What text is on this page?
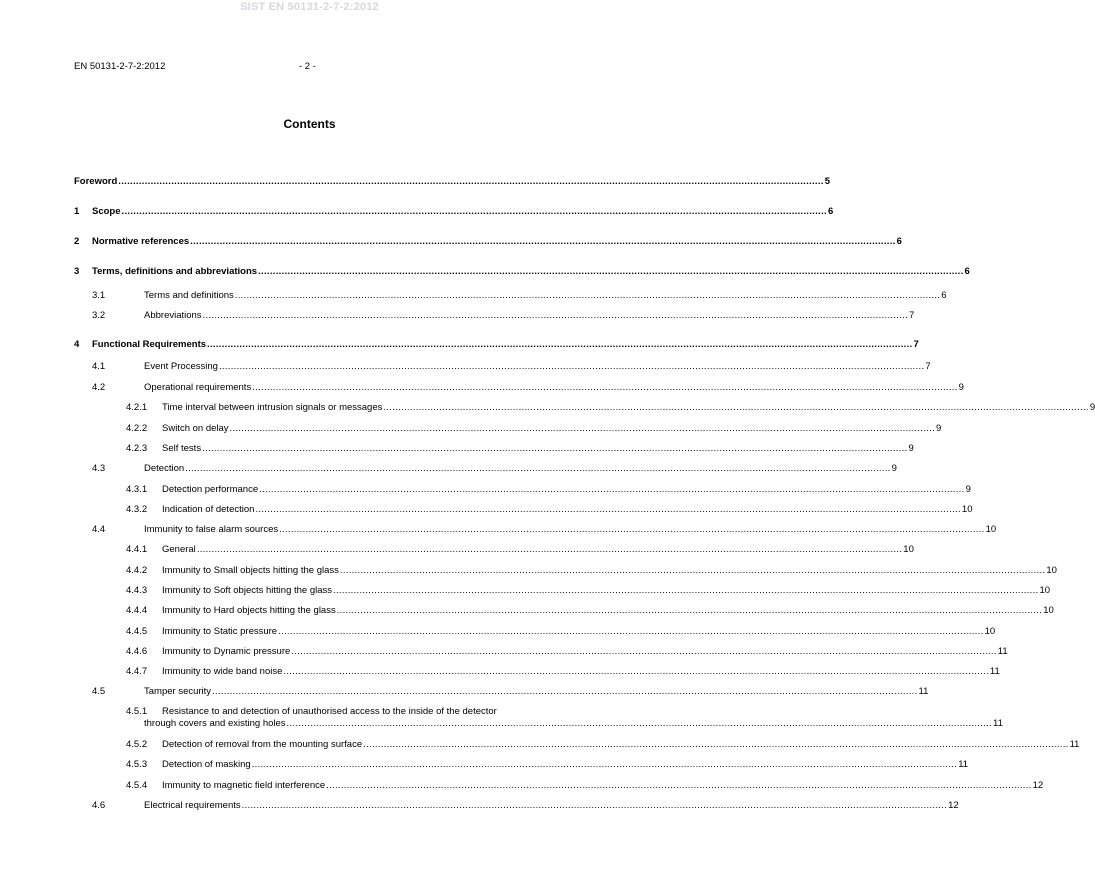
SIST EN 50131-2-7-2:2012
EN 50131-2-7-2:2012	- 2 -
Contents
Foreword ................................................................................................................................................................................................................................................ 5
1 Scope ................................................................................................................................................................................................................................................ 6
2 Normative references ................................................................................................................................................................................................................................................ 6
3 Terms, definitions and abbreviations ................................................................................................................................................................................................................................................ 6
3.1	Terms and definitions ................................................................................................................................................................................................................................................ 6
3.2	Abbreviations ................................................................................................................................................................................................................................................ 7
4 Functional Requirements ................................................................................................................................................................................................................................................ 7
4.1	Event Processing ................................................................................................................................................................................................................................................ 7
4.2	Operational requirements ................................................................................................................................................................................................................................................ 9
4.2.1 Time interval between intrusion signals or messages ................................................................................................................................................................................................................................................ 9
4.2.2 Switch on delay ................................................................................................................................................................................................................................................ 9
4.2.3 Self tests ................................................................................................................................................................................................................................................ 9
4.3	Detection ................................................................................................................................................................................................................................................ 9
4.3.1 Detection performance ................................................................................................................................................................................................................................................ 9
4.3.2 Indication of detection ................................................................................................................................................................................................................................................ 10
4.4	Immunity to false alarm sources ................................................................................................................................................................................................................................................ 10
4.4.1 General ................................................................................................................................................................................................................................................ 10
4.4.2 Immunity to Small objects hitting the glass ................................................................................................................................................................................................................................................ 10
4.4.3 Immunity to Soft objects hitting the glass ................................................................................................................................................................................................................................................ 10
4.4.4 Immunity to Hard objects hitting the glass ................................................................................................................................................................................................................................................ 10
4.4.5 Immunity to Static pressure ................................................................................................................................................................................................................................................ 10
4.4.6 Immunity to Dynamic pressure ................................................................................................................................................................................................................................................ 11
4.4.7 Immunity to wide band noise ................................................................................................................................................................................................................................................ 11
4.5	Tamper security ................................................................................................................................................................................................................................................ 11
4.5.1 Resistance to and detection of unauthorised access to the inside of the detector
through covers and existing holes ................................................................................................................................................................................................................................................ 11
4.5.2 Detection of removal from the mounting surface ................................................................................................................................................................................................................................................ 11
4.5.3 Detection of masking ................................................................................................................................................................................................................................................ 11
4.5.4 Immunity to magnetic field interference ................................................................................................................................................................................................................................................ 12
4.6	Electrical requirements ................................................................................................................................................................................................................................................ 12
